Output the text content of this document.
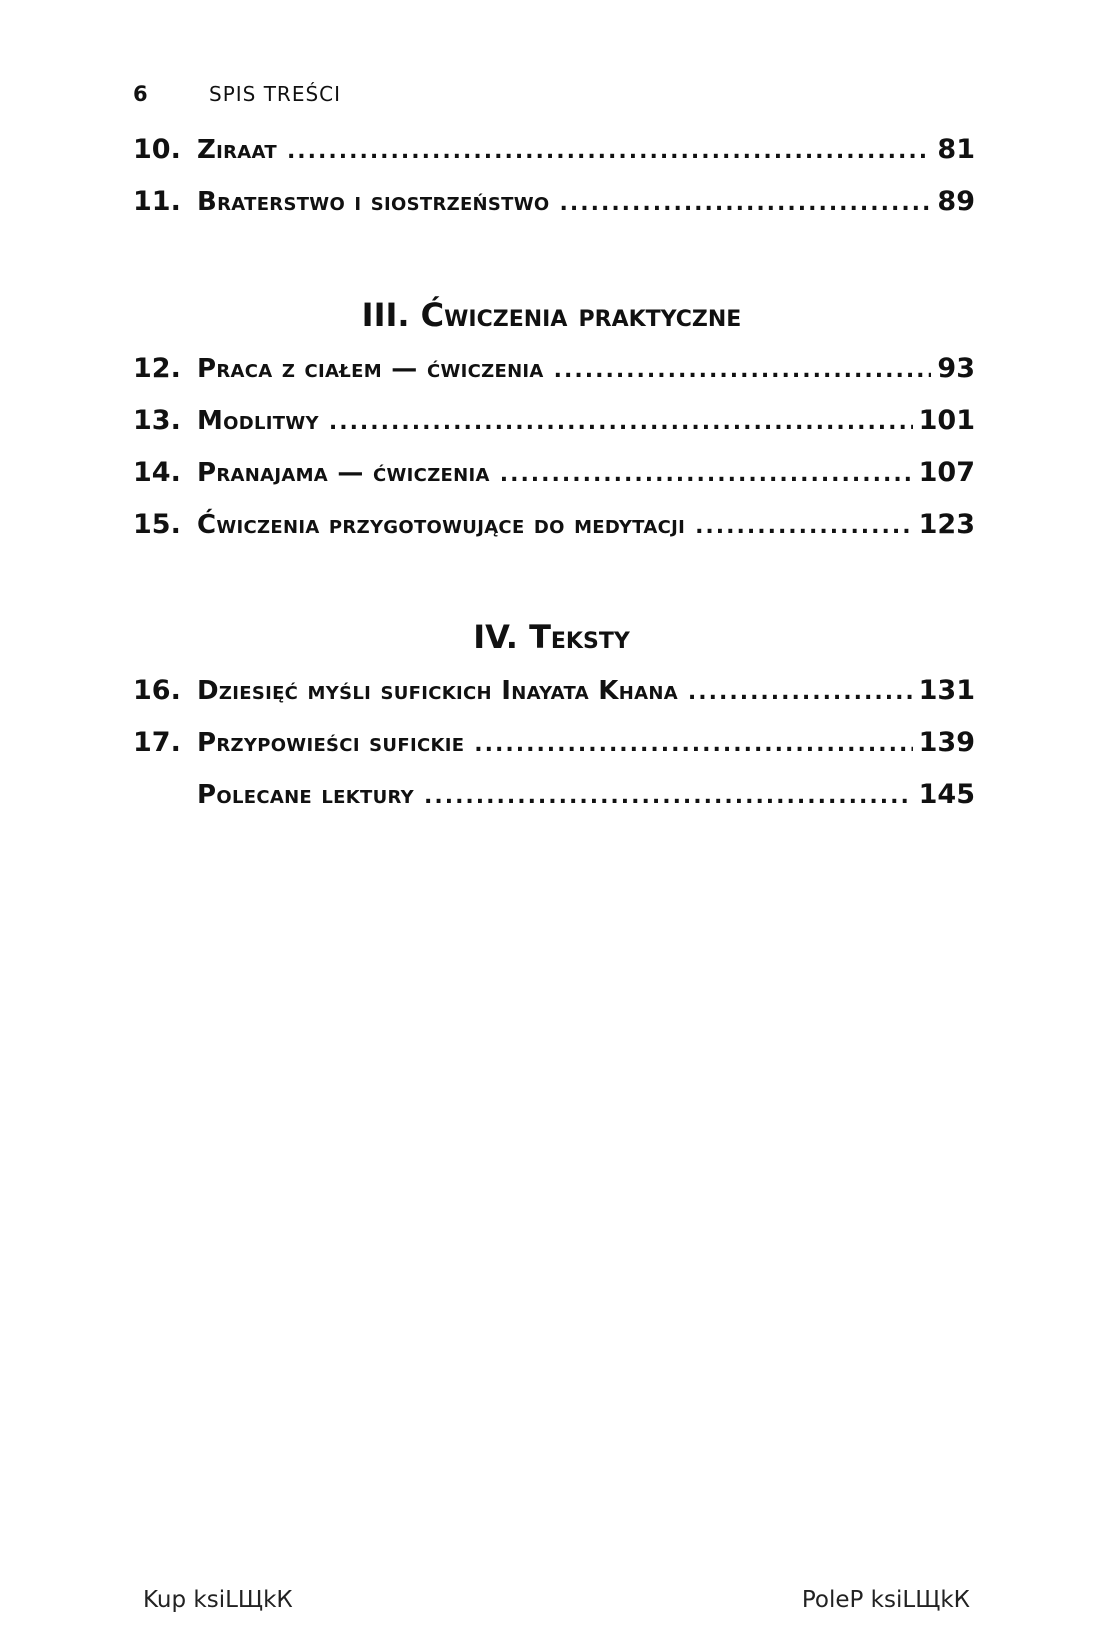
6	SPIS TREŚCI
10. Ziraat .....	81
11. Braterstwo i siostrzeństwo .....	89
III. Ćwiczenia praktyczne
12. Praca z ciałem — ćwiczenia .....	93
13. Modlitwy .....	101
14. Pranajama — ćwiczenia .....	107
15. Ćwiczenia przygotowujące do medytacji .....	123
IV. Teksty
16. Dziesięć myśli sufickich Inayata Khana .....	131
17. Przypowieści sufickie .....	139
Polecane lektury .....	145
Kup ksiLЩkК	PoleР ksiLЩkК
